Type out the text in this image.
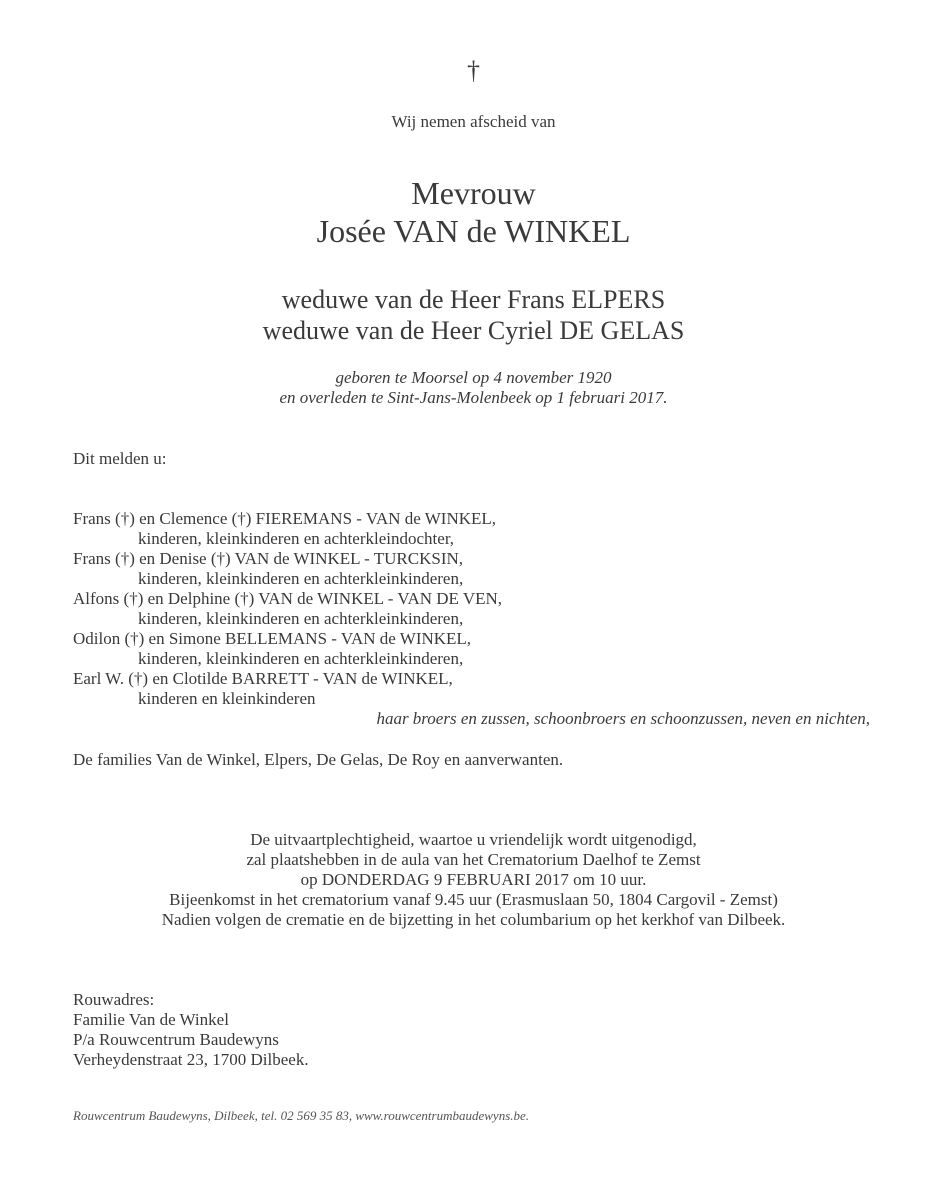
†
Wij nemen afscheid van
Mevrouw
Josée VAN de WINKEL
weduwe van de Heer Frans ELPERS
weduwe van de Heer Cyriel DE GELAS
geboren te Moorsel op 4 november 1920
en overleden te Sint-Jans-Molenbeek op 1 februari 2017.
Dit melden u:
Frans (†) en Clemence (†) FIEREMANS - VAN de WINKEL,
kinderen, kleinkinderen en achterkleindochter,
Frans (†) en Denise (†) VAN de WINKEL - TURCKSIN,
kinderen, kleinkinderen en achterkleinkinderen,
Alfons (†) en Delphine (†) VAN de WINKEL - VAN DE VEN,
kinderen, kleinkinderen en achterkleinkinderen,
Odilon (†) en Simone BELLEMANS - VAN de WINKEL,
kinderen, kleinkinderen en achterkleinkinderen,
Earl W. (†) en Clotilde BARRETT - VAN de WINKEL,
kinderen en kleinkinderen
haar broers en zussen, schoonbroers en schoonzussen, neven en nichten,
De families Van de Winkel, Elpers, De Gelas, De Roy en aanverwanten.
De uitvaartplechtigheid, waartoe u vriendelijk wordt uitgenodigd,
zal plaatshebben in de aula van het Crematorium Daelhof te Zemst
op DONDERDAG 9 FEBRUARI 2017 om 10 uur.
Bijeenkomst in het crematorium vanaf 9.45 uur (Erasmuslaan 50, 1804 Cargovil - Zemst)
Nadien volgen de crematie en de bijzetting in het columbarium op het kerkhof van Dilbeek.
Rouwadres:
Familie Van de Winkel
P/a Rouwcentrum Baudewyns
Verheydenstraat 23, 1700 Dilbeek.
Rouwcentrum Baudewyns, Dilbeek, tel. 02 569 35 83, www.rouwcentrumbaudewyns.be.
